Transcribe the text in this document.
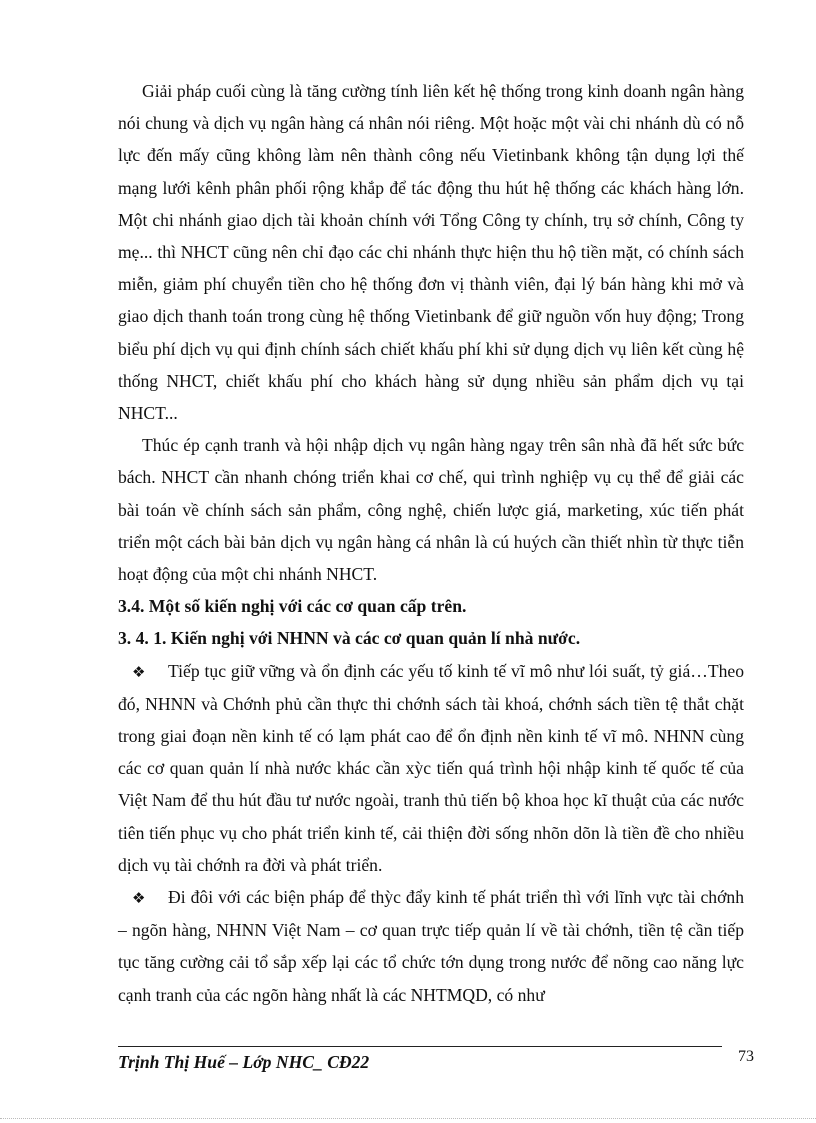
Giải pháp cuối cùng là tăng cường tính liên kết hệ thống trong kinh doanh ngân hàng nói chung và dịch vụ ngân hàng cá nhân nói riêng. Một hoặc một vài chi nhánh dù có nỗ lực đến mấy cũng không làm nên thành công nếu Vietinbank không tận dụng lợi thế mạng lưới kênh phân phối rộng khắp để tác động thu hút hệ thống các khách hàng lớn. Một chi nhánh giao dịch tài khoản chính với Tổng Công ty chính, trụ sở chính, Công ty mẹ... thì NHCT cũng nên chỉ đạo các chi nhánh thực hiện thu hộ tiền mặt, có chính sách miễn, giảm phí chuyển tiền cho hệ thống đơn vị thành viên, đại lý bán hàng khi mở và giao dịch thanh toán trong cùng hệ thống Vietinbank để giữ nguồn vốn huy động; Trong biểu phí dịch vụ qui định chính sách chiết khấu phí khi sử dụng dịch vụ liên kết cùng hệ thống NHCT, chiết khấu phí cho khách hàng sử dụng nhiều sản phẩm dịch vụ tại NHCT...

Thúc ép cạnh tranh và hội nhập dịch vụ ngân hàng ngay trên sân nhà đã hết sức bức bách. NHCT cần nhanh chóng triển khai cơ chế, qui trình nghiệp vụ cụ thể để giải các bài toán về chính sách sản phẩm, công nghệ, chiến lược giá, marketing, xúc tiến phát triển một cách bài bản dịch vụ ngân hàng cá nhân là cú huých cần thiết nhìn từ thực tiễn hoạt động của một chi nhánh NHCT.

3.4. Một số kiến nghị với các cơ quan cấp trên.

3. 4. 1. Kiến nghị với NHNN và các cơ quan quản lí nhà nước.

❖ Tiếp tục giữ vững và ổn định các yếu tố kinh tế vĩ mô như lói suất, tỷ giá…Theo đó, NHNN và Chớnh phủ cần thực thi chớnh sách tài khoá, chớnh sách tiền tệ thắt chặt trong giai đoạn nền kinh tế có lạm phát cao để ổn định nền kinh tế vĩ mô. NHNN cùng các cơ quan quản lí nhà nước khác cần xỳc tiến quá trình hội nhập kinh tế quốc tế của Việt Nam để thu hút đầu tư nước ngoài, tranh thủ tiến bộ khoa học kĩ thuật của các nước tiên tiến phục vụ cho phát triển kinh tế, cải thiện đời sống nhõn dõn là tiền đề cho nhiều dịch vụ tài chớnh ra đời và phát triển.

❖ Đi đôi với các biện pháp để thỳc đẩy kinh tế phát triển thì với lĩnh vực tài chớnh – ngõn hàng, NHNN Việt Nam – cơ quan trực tiếp quản lí về tài chớnh, tiền tệ cần tiếp tục tăng cường cải tổ sắp xếp lại các tổ chức tớn dụng trong nước để nõng cao năng lực cạnh tranh của các ngõn hàng nhất là các NHTMQD, có như

Trịnh Thị Huế – Lớp NHC_ CĐ22	73
